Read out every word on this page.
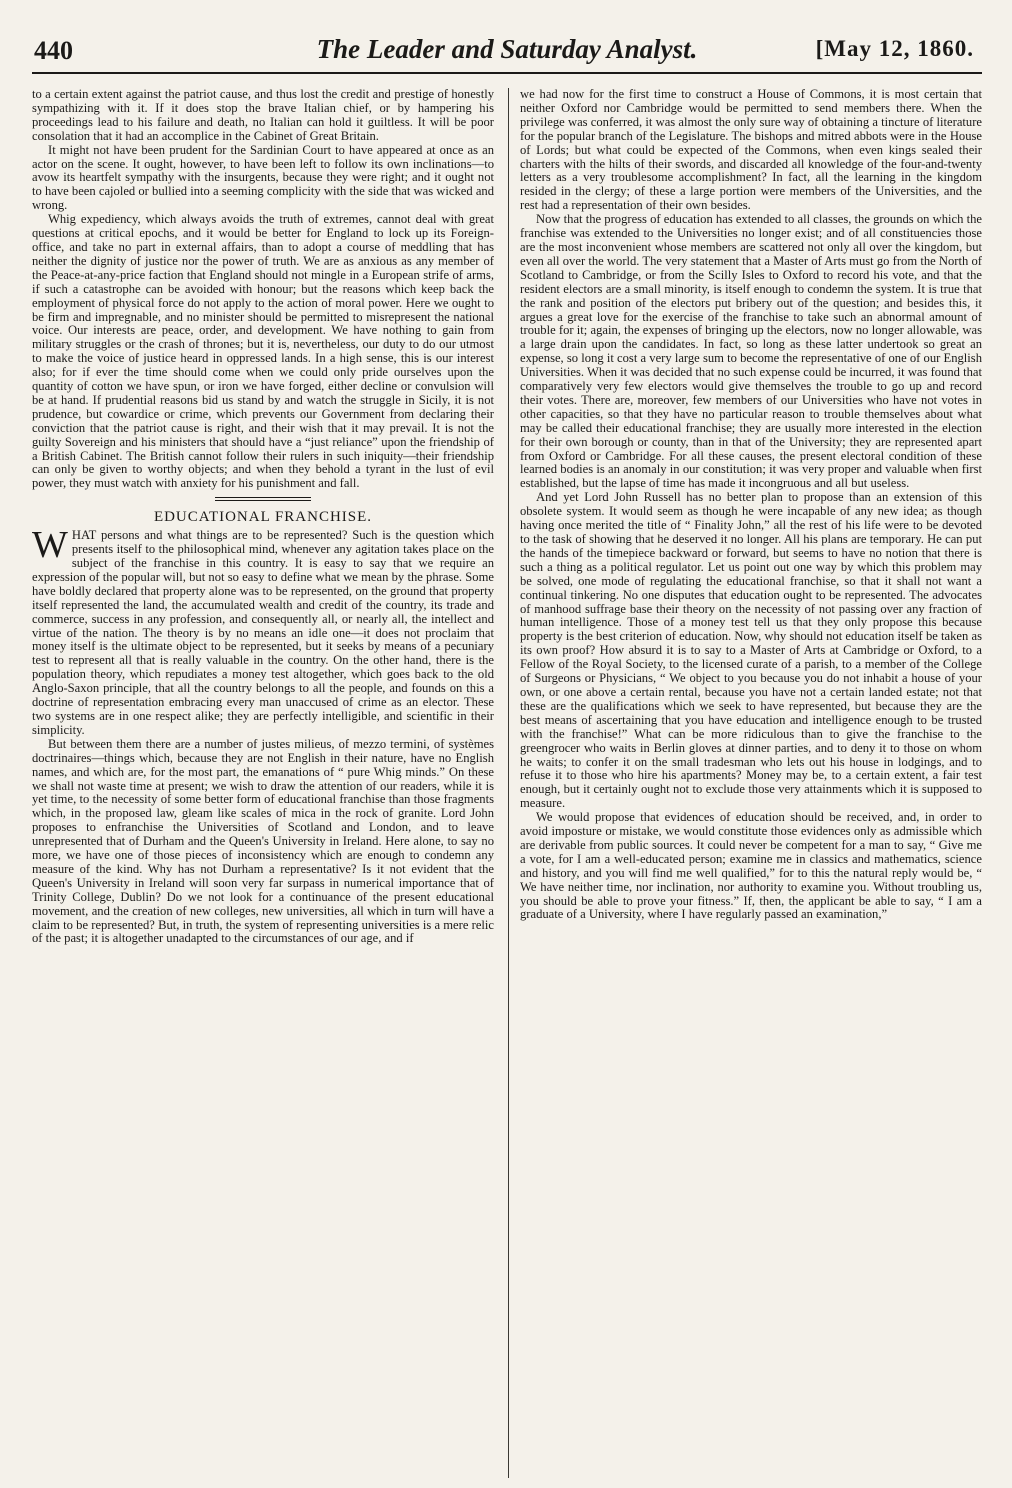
440	The Leader and Saturday Analyst.	[May 12, 1860.

to a certain extent against the patriot cause, and thus lost the credit and prestige of honestly sympathizing with it. If it does stop the brave Italian chief, or by hampering his proceedings lead to his failure and death, no Italian can hold it guiltless. It will be poor consolation that it had an accomplice in the Cabinet of Great Britain.

It might not have been prudent for the Sardinian Court to have appeared at once as an actor on the scene. It ought, however, to have been left to follow its own inclinations—to avow its heartfelt sympathy with the insurgents, because they were right; and it ought not to have been cajoled or bullied into a seeming complicity with the side that was wicked and wrong.

Whig expediency, which always avoids the truth of extremes, cannot deal with great questions at critical epochs, and it would be better for England to lock up its Foreign-office, and take no part in external affairs, than to adopt a course of meddling that has neither the dignity of justice nor the power of truth. We are as anxious as any member of the Peace-at-any-price faction that England should not mingle in a European strife of arms, if such a catastrophe can be avoided with honour; but the reasons which keep back the employment of physical force do not apply to the action of moral power. Here we ought to be firm and impregnable, and no minister should be permitted to misrepresent the national voice. Our interests are peace, order, and development. We have nothing to gain from military struggles or the crash of thrones; but it is, nevertheless, our duty to do our utmost to make the voice of justice heard in oppressed lands. In a high sense, this is our interest also; for if ever the time should come when we could only pride ourselves upon the quantity of cotton we have spun, or iron we have forged, either decline or convulsion will be at hand. If prudential reasons bid us stand by and watch the struggle in Sicily, it is not prudence, but cowardice or crime, which prevents our Government from declaring their conviction that the patriot cause is right, and their wish that it may prevail. It is not the guilty Sovereign and his ministers that should have a “just reliance” upon the friendship of a British Cabinet. The British cannot follow their rulers in such iniquity—their friendship can only be given to worthy objects; and when they behold a tyrant in the lust of evil power, they must watch with anxiety for his punishment and fall.

EDUCATIONAL FRANCHISE.

WHAT persons and what things are to be represented? Such is the question which presents itself to the philosophical mind, whenever any agitation takes place on the subject of the franchise in this country. It is easy to say that we require an expression of the popular will, but not so easy to define what we mean by the phrase. Some have boldly declared that property alone was to be represented, on the ground that property itself represented the land, the accumulated wealth and credit of the country, its trade and commerce, success in any profession, and consequently all, or nearly all, the intellect and virtue of the nation. The theory is by no means an idle one—it does not proclaim that money itself is the ultimate object to be represented, but it seeks by means of a pecuniary test to represent all that is really valuable in the country. On the other hand, there is the population theory, which repudiates a money test altogether, which goes back to the old Anglo-Saxon principle, that all the country belongs to all the people, and founds on this a doctrine of representation embracing every man unaccused of crime as an elector. These two systems are in one respect alike; they are perfectly intelligible, and scientific in their simplicity.

But between them there are a number of justes milieus, of mezzo termini, of systèmes doctrinaires—things which, because they are not English in their nature, have no English names, and which are, for the most part, the emanations of “ pure Whig minds.” On these we shall not waste time at present; we wish to draw the attention of our readers, while it is yet time, to the necessity of some better form of educational franchise than those fragments which, in the proposed law, gleam like scales of mica in the rock of granite. Lord John proposes to enfranchise the Universities of Scotland and London, and to leave unrepresented that of Durham and the Queen's University in Ireland. Here alone, to say no more, we have one of those pieces of inconsistency which are enough to condemn any measure of the kind. Why has not Durham a representative? Is it not evident that the Queen's University in Ireland will soon very far surpass in numerical importance that of Trinity College, Dublin? Do we not look for a continuance of the present educational movement, and the creation of new colleges, new universities, all which in turn will have a claim to be represented? But, in truth, the system of representing universities is a mere relic of the past; it is altogether unadapted to the circumstances of our age, and if

we had now for the first time to construct a House of Commons, it is most certain that neither Oxford nor Cambridge would be permitted to send members there. When the privilege was conferred, it was almost the only sure way of obtaining a tincture of literature for the popular branch of the Legislature. The bishops and mitred abbots were in the House of Lords; but what could be expected of the Commons, when even kings sealed their charters with the hilts of their swords, and discarded all knowledge of the four-and-twenty letters as a very troublesome accomplishment? In fact, all the learning in the kingdom resided in the clergy; of these a large portion were members of the Universities, and the rest had a representation of their own besides.

Now that the progress of education has extended to all classes, the grounds on which the franchise was extended to the Universities no longer exist; and of all constituencies those are the most inconvenient whose members are scattered not only all over the kingdom, but even all over the world. The very statement that a Master of Arts must go from the North of Scotland to Cambridge, or from the Scilly Isles to Oxford to record his vote, and that the resident electors are a small minority, is itself enough to condemn the system. It is true that the rank and position of the electors put bribery out of the question; and besides this, it argues a great love for the exercise of the franchise to take such an abnormal amount of trouble for it; again, the expenses of bringing up the electors, now no longer allowable, was a large drain upon the candidates. In fact, so long as these latter undertook so great an expense, so long it cost a very large sum to become the representative of one of our English Universities. When it was decided that no such expense could be incurred, it was found that comparatively very few electors would give themselves the trouble to go up and record their votes. There are, moreover, few members of our Universities who have not votes in other capacities, so that they have no particular reason to trouble themselves about what may be called their educational franchise; they are usually more interested in the election for their own borough or county, than in that of the University; they are represented apart from Oxford or Cambridge. For all these causes, the present electoral condition of these learned bodies is an anomaly in our constitution; it was very proper and valuable when first established, but the lapse of time has made it incongruous and all but useless.

And yet Lord John Russell has no better plan to propose than an extension of this obsolete system. It would seem as though he were incapable of any new idea; as though having once merited the title of “ Finality John,” all the rest of his life were to be devoted to the task of showing that he deserved it no longer. All his plans are temporary. He can put the hands of the timepiece backward or forward, but seems to have no notion that there is such a thing as a political regulator. Let us point out one way by which this problem may be solved, one mode of regulating the educational franchise, so that it shall not want a continual tinkering. No one disputes that education ought to be represented. The advocates of manhood suffrage base their theory on the necessity of not passing over any fraction of human intelligence. Those of a money test tell us that they only propose this because property is the best criterion of education. Now, why should not education itself be taken as its own proof? How absurd it is to say to a Master of Arts at Cambridge or Oxford, to a Fellow of the Royal Society, to the licensed curate of a parish, to a member of the College of Surgeons or Physicians, “ We object to you because you do not inhabit a house of your own, or one above a certain rental, because you have not a certain landed estate; not that these are the qualifications which we seek to have represented, but because they are the best means of ascertaining that you have education and intelligence enough to be trusted with the franchise!” What can be more ridiculous than to give the franchise to the greengrocer who waits in Berlin gloves at dinner parties, and to deny it to those on whom he waits; to confer it on the small tradesman who lets out his house in lodgings, and to refuse it to those who hire his apartments? Money may be, to a certain extent, a fair test enough, but it certainly ought not to exclude those very attainments which it is supposed to measure.

We would propose that evidences of education should be received, and, in order to avoid imposture or mistake, we would constitute those evidences only as admissible which are derivable from public sources. It could never be competent for a man to say, “ Give me a vote, for I am a well-educated person; examine me in classics and mathematics, science and history, and you will find me well qualified,” for to this the natural reply would be, “ We have neither time, nor inclination, nor authority to examine you. Without troubling us, you should be able to prove your fitness.” If, then, the applicant be able to say, “ I am a graduate of a University, where I have regularly passed an examination,”
